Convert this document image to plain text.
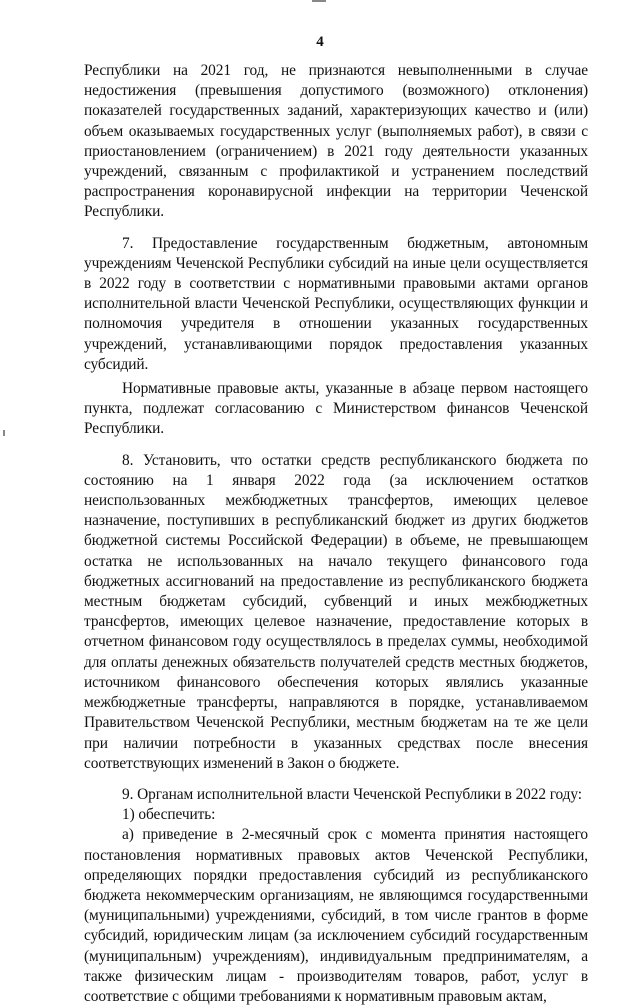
4

Республики на 2021 год, не признаются невыполненными в случае недостижения (превышения допустимого (возможного) отклонения) показателей государственных заданий, характеризующих качество и (или) объем оказываемых государственных услуг (выполняемых работ), в связи с приостановлением (ограничением) в 2021 году деятельности указанных учреждений, связанным с профилактикой и устранением последствий распространения коронавирусной инфекции на территории Чеченской Республики.

7. Предоставление государственным бюджетным, автономным учреждениям Чеченской Республики субсидий на иные цели осуществляется в 2022 году в соответствии с нормативными правовыми актами органов исполнительной власти Чеченской Республики, осуществляющих функции и полномочия учредителя в отношении указанных государственных учреждений, устанавливающими порядок предоставления указанных субсидий.

Нормативные правовые акты, указанные в абзаце первом настоящего пункта, подлежат согласованию с Министерством финансов Чеченской Республики.

8. Установить, что остатки средств республиканского бюджета по состоянию на 1 января 2022 года (за исключением остатков неиспользованных межбюджетных трансфертов, имеющих целевое назначение, поступивших в республиканский бюджет из других бюджетов бюджетной системы Российской Федерации) в объеме, не превышающем остатка не использованных на начало текущего финансового года бюджетных ассигнований на предоставление из республиканского бюджета местным бюджетам субсидий, субвенций и иных межбюджетных трансфертов, имеющих целевое назначение, предоставление которых в отчетном финансовом году осуществлялось в пределах суммы, необходимой для оплаты денежных обязательств получателей средств местных бюджетов, источником финансового обеспечения которых являлись указанные межбюджетные трансферты, направляются в порядке, устанавливаемом Правительством Чеченской Республики, местным бюджетам на те же цели при наличии потребности в указанных средствах после внесения соответствующих изменений в Закон о бюджете.

9. Органам исполнительной власти Чеченской Республики в 2022 году:

1) обеспечить:

а) приведение в 2-месячный срок с момента принятия настоящего постановления нормативных правовых актов Чеченской Республики, определяющих порядки предоставления субсидий из республиканского бюджета некоммерческим организациям, не являющимся государственными (муниципальными) учреждениями, субсидий, в том числе грантов в форме субсидий, юридическим лицам (за исключением субсидий государственным (муниципальным) учреждениям), индивидуальным предпринимателям, а также физическим лицам - производителям товаров, работ, услуг в соответствие с общими требованиями к нормативным правовым актам,
